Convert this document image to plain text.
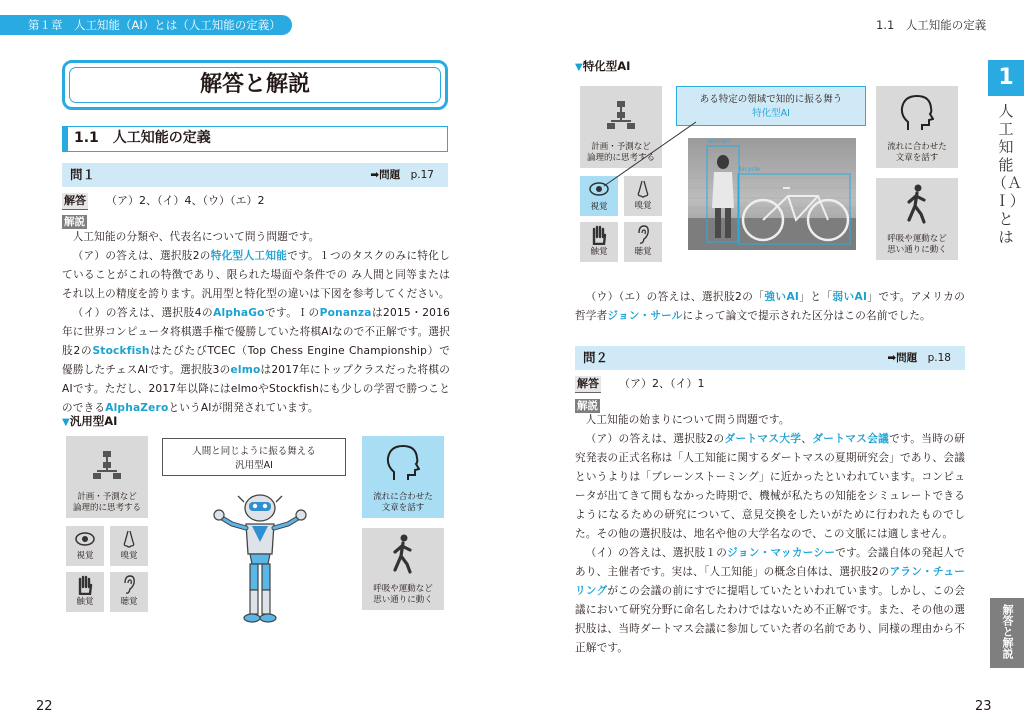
第１章　人工知能（AI）とは（人工知能の定義）	1.1　人工知能の定義
1
人工知能（ＡＩ）とは
解答と解説
解答と解説
1.1　人工知能の定義
問１	➡問題　 p.17
解答 （ア）2、（イ）4、（ウ）（エ）2
解説

人工知能の分類や、代表名について問う問題です。

（ア）の答えは、選択肢2の特化型人工知能です。１つのタスクのみに特化していることがこれの特徴であり、限られた場面や条件での み人間と同等またはそれ以上の精度を誇ります。汎用型と特化型の違いは下図を参考してください。

（イ）の答えは、選択肢4のAlphaGoです。ＩのPonanzaは2015・2016年に世界コンピュータ将棋選手権で優勝していた将棋AIなので不正解です。選択肢2のStockfishはたびたびTCEC（Top Chess Engine Championship）で優勝したチェスAIです。選択肢3のelmoは2017年にトップクラスだった将棋のAIです。ただし、2017年以降にはelmoやStockfishにも少しの学習で勝つことのできるAlphaZeroというAIが開発されています。

▼汎用型AI
計画・予測など
論理的に思考する
視覚	嗅覚
触覚	聴覚
人間と同じように振る舞える
汎用型AI
流れに合わせた
文章を話す
呼吸や運動など
思い通りに動く
22
▼特化型AI
計画・予測など
論理的に思考する
視覚	嗅覚
触覚	聴覚
ある特定の領域で知的に振る舞う
特化型AI
woman
bicycle
流れに合わせた
文章を話す
呼吸や運動など
思い通りに動く

（ウ）（エ）の答えは、選択肢2の「強いAI」と「弱いAI」です。アメリカの哲学者ジョン・サールによって論文で提示された区分はこの名前でした。

問２	➡問題　 p.18
解答 （ア）2、（イ）1
解説

人工知能の始まりについて問う問題です。

（ア）の答えは、選択肢2のダートマス大学、ダートマス会議です。当時の研究発表の正式名称は「人工知能に関するダートマスの夏期研究会」であり、会議というよりは「ブレーンストーミング」に近かったといわれています。コンピュータが出てきて間もなかった時期で、機械が私たちの知能をシミュレートできるようになるための研究について、意見交換をしたいがために行われたものでした。その他の選択肢は、地名や他の大学名なので、この文脈には適しません。

（イ）の答えは、選択肢１のジョン・マッカーシーです。会議自体の発起人であり、主催者です。実は、「人工知能」の概念自体は、選択肢2のアラン・チューリングがこの会議の前にすでに提唱していたといわれています。しかし、この会議において研究分野に命名したわけではないため不正解です。また、その他の選択肢は、当時ダートマス会議に参加していた者の名前であり、同様の理由から不正解です。

23
